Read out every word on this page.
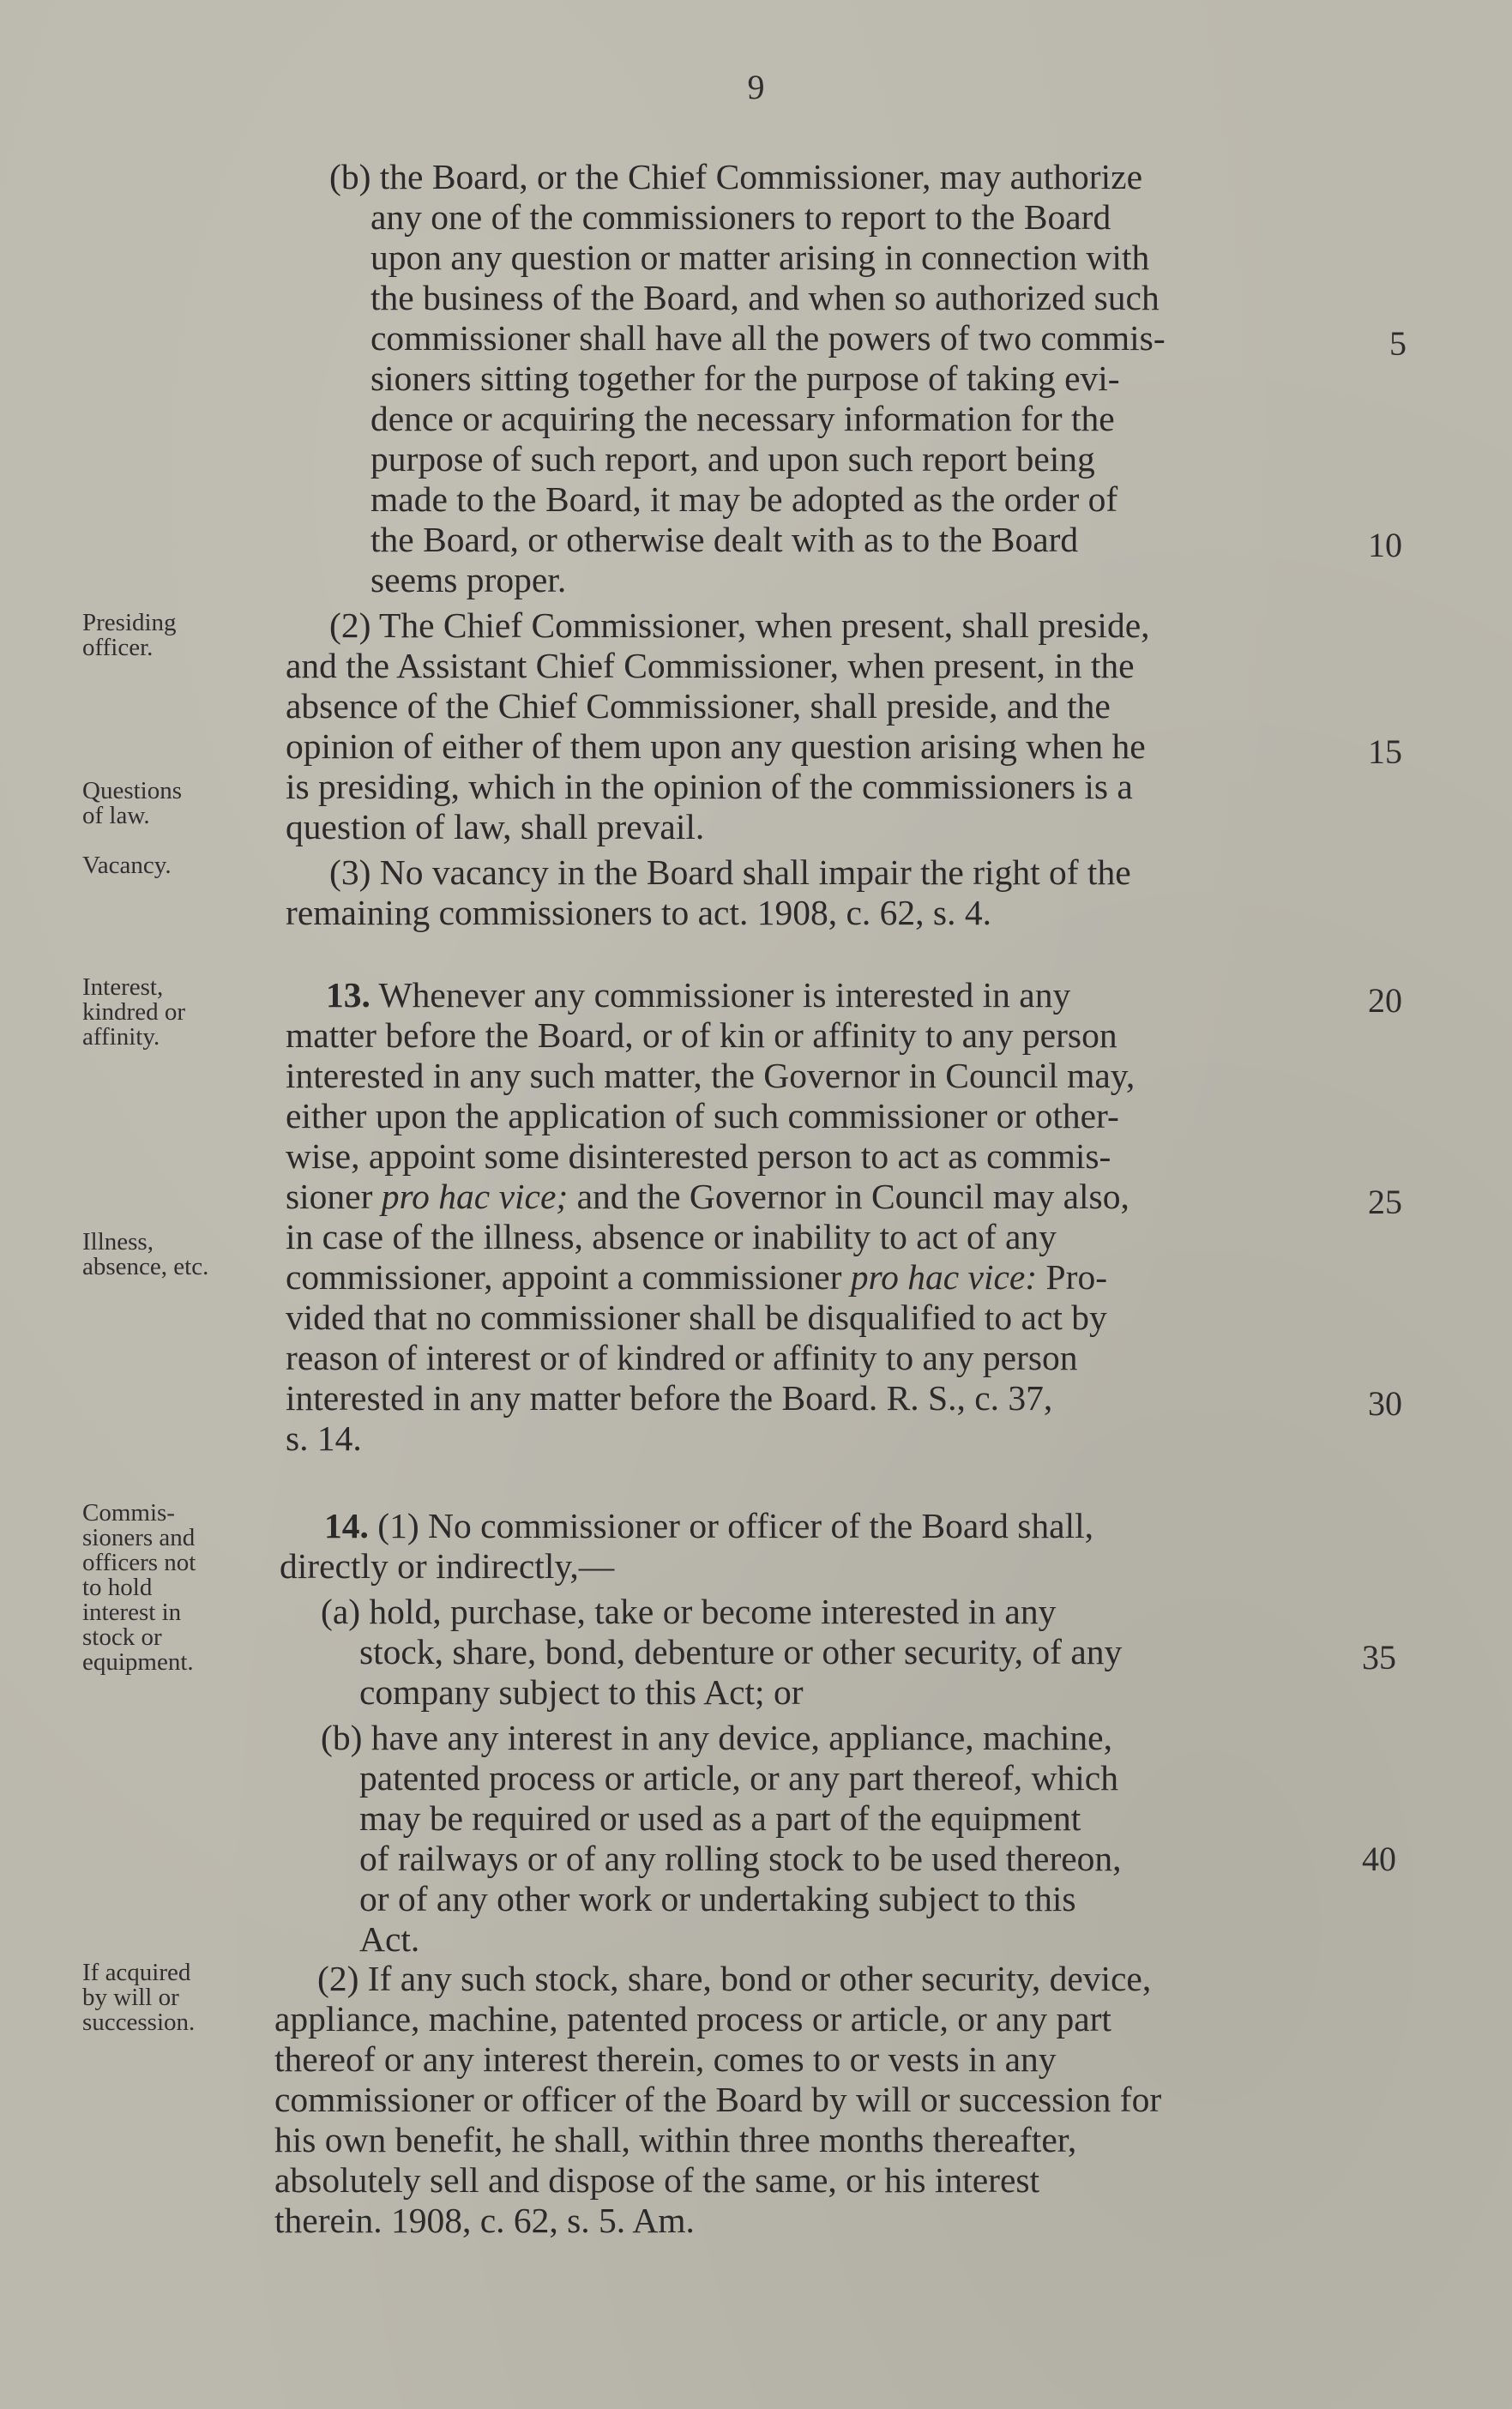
9
Presiding
officer.
Questions
of law.
Vacancy.
Interest,
kindred or
affinity.
Illness,
absence, etc.
Commis-
sioners and
officers not
to hold
interest in
stock or
equipment.
If acquired
by will or
succession.
(b) the Board, or the Chief Commissioner, may authorize
any one of the commissioners to report to the Board
upon any question or matter arising in connection with
the business of the Board, and when so authorized such
commissioner shall have all the powers of two commis-
sioners sitting together for the purpose of taking evi-
dence or acquiring the necessary information for the
purpose of such report, and upon such report being
made to the Board, it may be adopted as the order of
the Board, or otherwise dealt with as to the Board
seems proper.
(2) The Chief Commissioner, when present, shall preside,
and the Assistant Chief Commissioner, when present, in the
absence of the Chief Commissioner, shall preside, and the
opinion of either of them upon any question arising when he
is presiding, which in the opinion of the commissioners is a
question of law, shall prevail.
(3) No vacancy in the Board shall impair the right of the
remaining commissioners to act. 1908, c. 62, s. 4.
13. Whenever any commissioner is interested in any
matter before the Board, or of kin or affinity to any person
interested in any such matter, the Governor in Council may,
either upon the application of such commissioner or other-
wise, appoint some disinterested person to act as commis-
sioner pro hac vice; and the Governor in Council may also,
in case of the illness, absence or inability to act of any
commissioner, appoint a commissioner pro hac vice: Pro-
vided that no commissioner shall be disqualified to act by
reason of interest or of kindred or affinity to any person
interested in any matter before the Board. R. S., c. 37,
s. 14.
14. (1) No commissioner or officer of the Board shall,
directly or indirectly,—
(a) hold, purchase, take or become interested in any
stock, share, bond, debenture or other security, of any
company subject to this Act; or
(b) have any interest in any device, appliance, machine,
patented process or article, or any part thereof, which
may be required or used as a part of the equipment
of railways or of any rolling stock to be used thereon,
or of any other work or undertaking subject to this
Act.
(2) If any such stock, share, bond or other security, device,
appliance, machine, patented process or article, or any part
thereof or any interest therein, comes to or vests in any
commissioner or officer of the Board by will or succession for
his own benefit, he shall, within three months thereafter,
absolutely sell and dispose of the same, or his interest
therein. 1908, c. 62, s. 5. Am.
5
10
15
20
25
30
35
40
